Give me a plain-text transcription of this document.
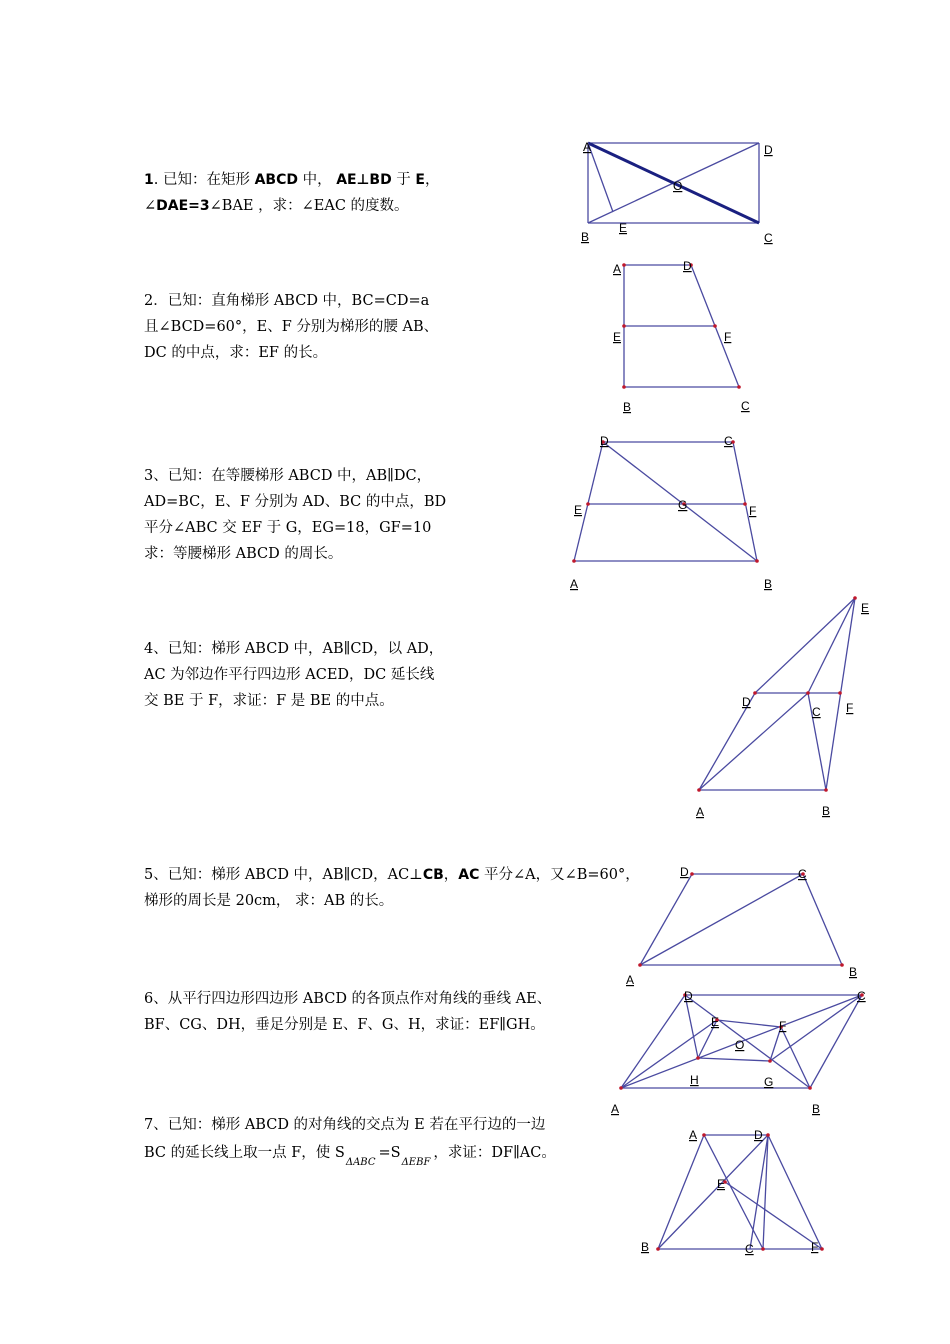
1. 已知：在矩形 ABCD 中， AE⊥BD 于 E，
∠DAE=3∠BAE ，求：∠EAC 的度数。
A	D
B	C
E
O
2．已知：直角梯形 ABCD 中，BC=CD=a
且∠BCD=60°，E、F 分别为梯形的腰 AB、
DC 的中点，求：EF 的长。
A	D
E	F
B	C
3、已知：在等腰梯形 ABCD 中，AB∥DC，
AD=BC，E、F 分别为 AD、BC 的中点，BD
平分∠ABC 交 EF 于 G，EG=18，GF=10
求：等腰梯形 ABCD 的周长。
D	C
E	G	F
A	B
4、已知：梯形 ABCD 中，AB∥CD，以 AD，
AC 为邻边作平行四边形 ACED，DC 延长线
交 BE 于 F，求证：F 是 BE 的中点。
E
D
C F
A	B
5、已知：梯形 ABCD 中，AB∥CD，AC⊥CB，AC 平分∠A，又∠B=60°，
梯形的周长是 20cm， 求：AB 的长。
D	C
A
B
6、从平行四边形四边形 ABCD 的各顶点作对角线的垂线 AE、
BF、CG、DH，垂足分别是 E、F、G、H，求证：EF∥GH。
D	C
E	F
O
H	G
A	B
7、已知：梯形 ABCD 的对角线的交点为 E 若在平行边的一边
BC 的延长线上取一点 F，使 $S_{\Delta ABC}=S_{\Delta EBF}$，求证：DF∥AC。
A	D
E
B	C	F
